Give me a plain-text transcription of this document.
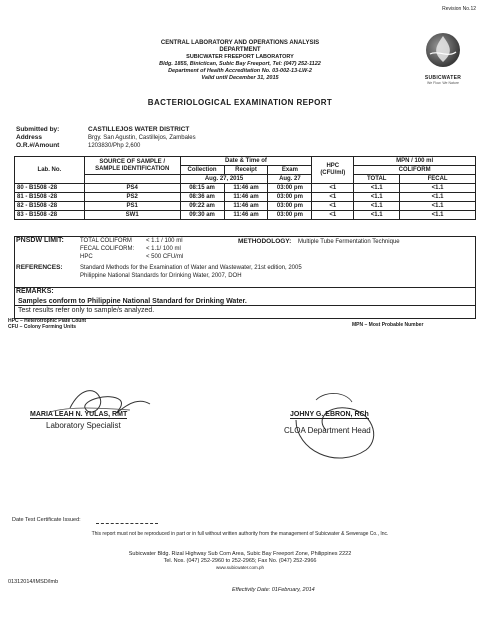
Revision No.12
CENTRAL LABORATORY AND OPERATIONS ANALYSIS
DEPARTMENT
SUBICWATER FREEPORT LABORATORY
Bldg. 1855, Binictican, Subic Bay Freeport, Tel: (047) 252-1122
Department of Health Accreditation No. 03-002-13-LW-2
Valid until December 31, 2015	SUBICWATER
We Flow. We Nature
BACTERIOLOGICAL EXAMINATION REPORT
Submitted by:	CASTILLEJOS WATER DISTRICT
Address	Brgy. San Agustin, Castillejos, Zambales
O.R.#/Amount	1203830/Php 2,600
Lab. No.	SOURCE OF SAMPLE /
SAMPLE IDENTIFICATION	Date & Time of			HPC
(CFU/ml)	MPN / 100 ml	
		Collection	Receipt	Exam		COLIFORM	
		Aug. 27, 2015		Aug. 27		TOTAL	FECAL
80 - B1508 -28	PS4	08:15 am	11:46 am	03:00 pm	<1	<1.1	<1.1
81 - B1508 -28	PS2	08:36 am	11:46 am	03:00 pm	<1	<1.1	<1.1
82 - B1508 -28	PS1	09:22 am	11:46 am	03:00 pm	<1	<1.1	<1.1
83 - B1508 -28	SW1	09:30 am	11:46 am	03:00 pm	<1	<1.1	<1.1
PNSDW LIMIT:	TOTAL COLIFORM < 1.1 / 100 ml
FECAL COLIFORM: < 1.1/ 100 ml
HPC	< 500 CFU/ml
METHODOLOGY: Multiple Tube Fermentation Technique
REFERENCES:	Standard Methods for the Examination of Water and Wastewater, 21st edition, 2005
Philippine National Standards for Drinking Water, 2007, DOH
REMARKS:
Samples conform to Philippine National Standard for Drinking Water.
Test results refer only to sample/s analyzed.
HPC – Heterotrophic Plate Count
CFU – Colony Forming Units	MPN – Most Probable Number
MARIA LEAH N. YULAS, RMT
Laboratory Specialist
JOHNY G. EBRON, RCh
CLOA Department Head
Date Test Certificate Issued:
This report must not be reproduced in part or in full without written authority from the management of Subicwater & Sewerage Co., Inc.
Subicwater Bldg. Rizal Highway Sub Com Area, Subic Bay Freeport Zone, Philippines 2222
Tel. Nos. (047) 252-2960 to 252-2965; Fax No. (047) 252-2966
www.subicwater.com.ph
01312014/IMSD/lmb
Effectivity Date: 01February, 2014
